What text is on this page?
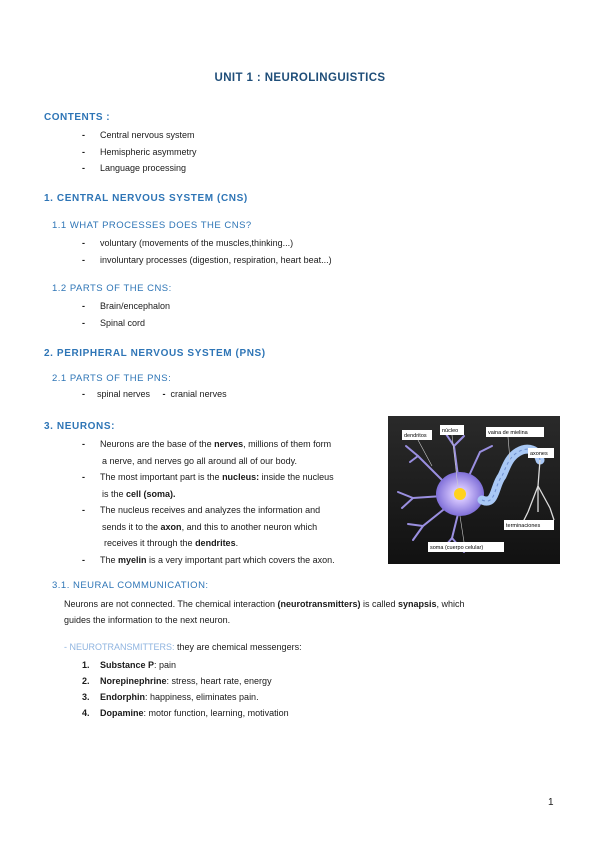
UNIT 1 : NEUROLINGUISTICS
CONTENTS :
- Central nervous system
- Hemispheric asymmetry
- Language processing
1. CENTRAL NERVOUS SYSTEM (CNS)
1.1 WHAT PROCESSES DOES THE CNS?
- voluntary (movements of the muscles,thinking...)
- involuntary processes (digestion, respiration, heart beat...)
1.2 PARTS OF THE CNS:
- Brain/encephalon
- Spinal cord
2. PERIPHERAL NERVOUS SYSTEM (PNS)
2.1 PARTS OF THE PNS:
- spinal nerves - cranial nerves
3. NEURONS:
- Neurons are the base of the nerves, millions of them form
a nerve, and nerves go all around all of our body.
- The most important part is the nucleus: inside the nucleus
is the cell (soma).
- The nucleus receives and analyzes the information and
sends it to the axon, and this to another neuron which
receives it through the dendrites.
- The myelin is a very important part which covers the axon.
dendritos
núcleo	vaina de mielina
axones
terminaciones
soma (cuerpo celular)
3.1. NEURAL COMMUNICATION:
Neurons are not connected. The chemical interaction (neurotransmitters) is called synapsis, which
guides the information to the next neuron.
- NEUROTRANSMITTERS: they are chemical messengers:
1. Substance P: pain
2. Norepinephrine: stress, heart rate, energy
3. Endorphin: happiness, eliminates pain.
4. Dopamine: motor function, learning, motivation
1
